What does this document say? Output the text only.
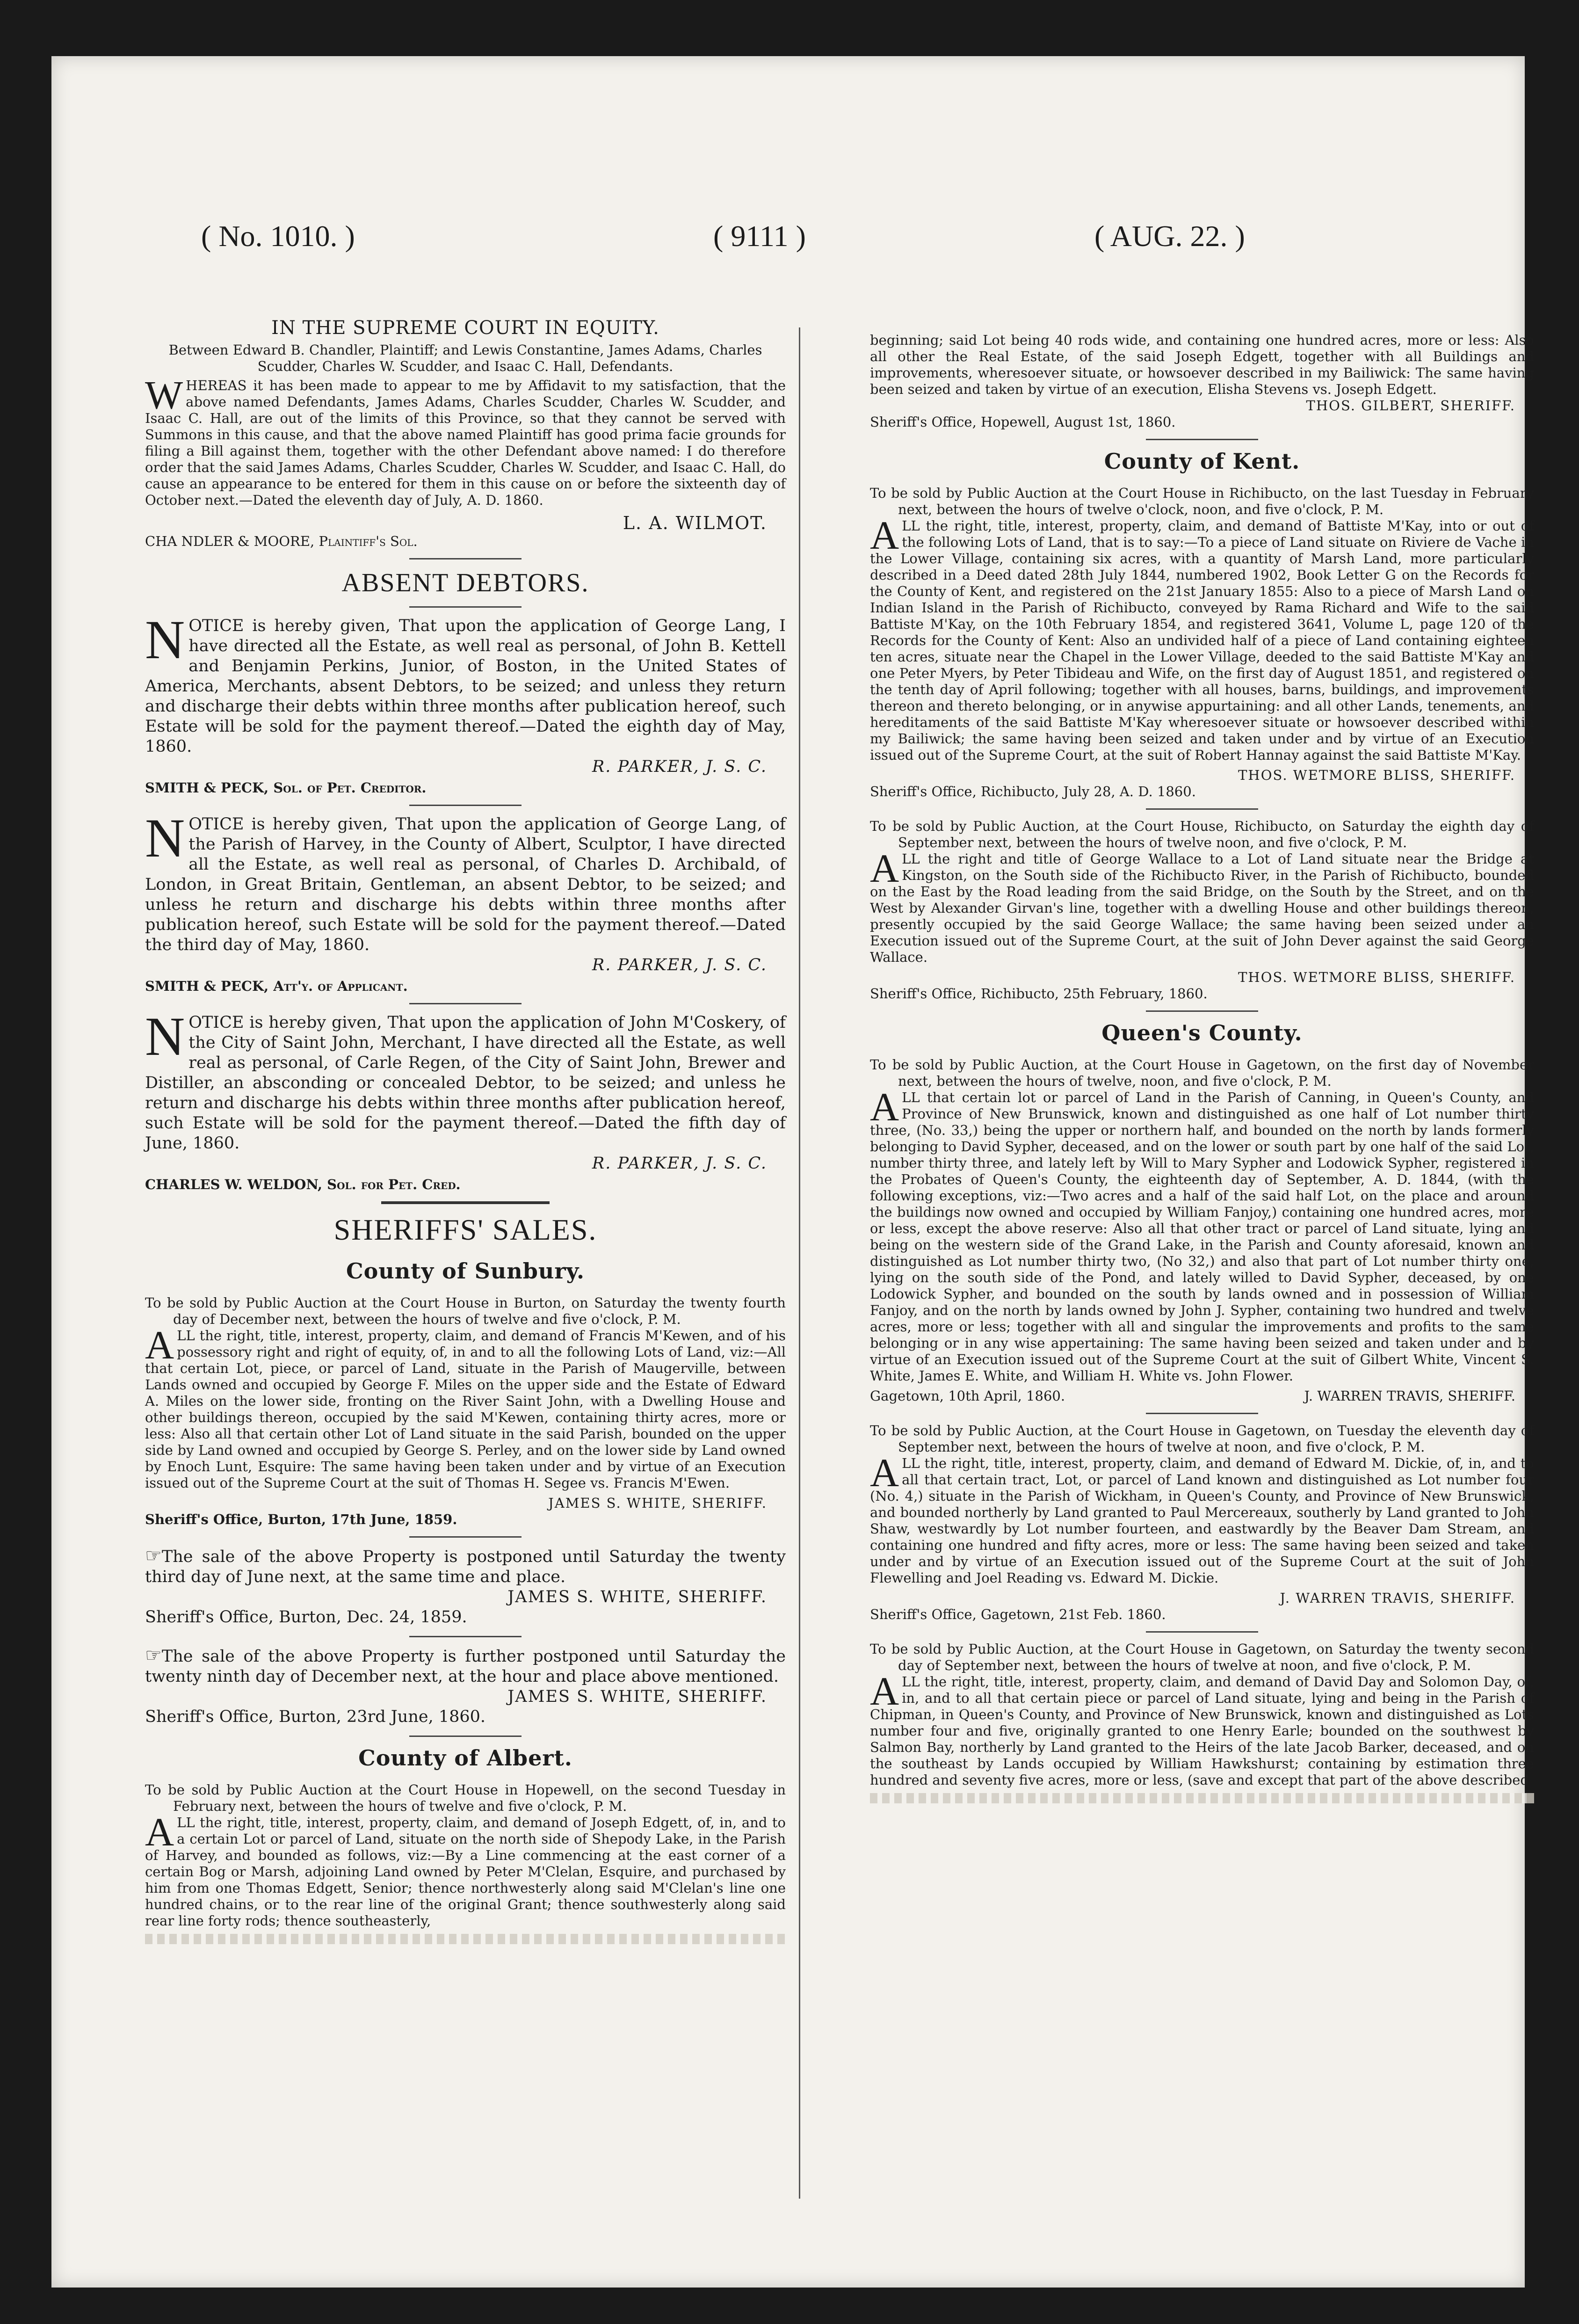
( No. 1010. )	( 9111 )	( AUG. 22. )

IN THE SUPREME COURT IN EQUITY.

Between Edward B. Chandler, Plaintiff; and Lewis Constantine, James Adams, Charles Scudder, Charles W. Scudder, and Isaac C. Hall, Defendants.

W HEREAS it has been made to appear to me by Affidavit to my satisfaction, that the above named Defendants, James Adams, Charles Scudder, Charles W. Scudder, and Isaac C. Hall, are out of the limits of this Province, so that they cannot be served with Summons in this cause, and that the above named Plaintiff has good prima facie grounds for filing a Bill against them, together with the other Defendant above named: I do therefore order that the said James Adams, Charles Scudder, Charles W. Scudder, and Isaac C. Hall, do cause an appearance to be entered for them in this cause on or before the sixteenth day of October next.—Dated the eleventh day of July, A. D. 1860.

L. A. WILMOT.

CHA NDLER & MOORE, Plaintiff's Sol.

ABSENT DEBTORS.

N OTICE is hereby given, That upon the application of George Lang, I have directed all the Estate, as well real as personal, of John B. Kettell and Benjamin Perkins, Junior, of Boston, in the United States of America, Merchants, absent Debtors, to be seized; and unless they return and discharge their debts within three months after publication hereof, such Estate will be sold for the payment thereof.—Dated the eighth day of May, 1860.

R. PARKER, J. S. C.

SMITH & PECK, Sol. of Pet. Creditor.

N OTICE is hereby given, That upon the application of George Lang, of the Parish of Harvey, in the County of Albert, Sculptor, I have directed all the Estate, as well real as personal, of Charles D. Archibald, of London, in Great Britain, Gentleman, an absent Debtor, to be seized; and unless he return and discharge his debts within three months after publication hereof, such Estate will be sold for the payment thereof.—Dated the third day of May, 1860.

R. PARKER, J. S. C.

SMITH & PECK, Att'y. of Applicant.

N OTICE is hereby given, That upon the application of John M'Coskery, of the City of Saint John, Merchant, I have directed all the Estate, as well real as personal, of Carle Regen, of the City of Saint John, Brewer and Distiller, an absconding or concealed Debtor, to be seized; and unless he return and discharge his debts within three months after publication hereof, such Estate will be sold for the payment thereof.—Dated the fifth day of June, 1860.

R. PARKER, J. S. C.

CHARLES W. WELDON, Sol. for Pet. Cred.

SHERIFFS' SALES.

County of Sunbury.

To be sold by Public Auction at the Court House in Burton, on Saturday the twenty fourth day of December next, between the hours of twelve and five o'clock, P. M.

A LL the right, title, interest, property, claim, and demand of Francis M'Kewen, and of his possessory right and right of equity, of, in and to all the following Lots of Land, viz:—All that certain Lot, piece, or parcel of Land, situate in the Parish of Maugerville, between Lands owned and occupied by George F. Miles on the upper side and the Estate of Edward A. Miles on the lower side, fronting on the River Saint John, with a Dwelling House and other buildings thereon, occupied by the said M'Kewen, containing thirty acres, more or less: Also all that certain other Lot of Land situate in the said Parish, bounded on the upper side by Land owned and occupied by George S. Perley, and on the lower side by Land owned by Enoch Lunt, Esquire: The same having been taken under and by virtue of an Execution issued out of the Supreme Court at the suit of Thomas H. Segee vs. Francis M'Ewen.

JAMES S. WHITE, SHERIFF.

Sheriff's Office, Burton, 17th June, 1859.

☞The sale of the above Property is postponed until Saturday the twenty third day of June next, at the same time and place.

JAMES S. WHITE, SHERIFF.

Sheriff's Office, Burton, Dec. 24, 1859.

☞The sale of the above Property is further postponed until Saturday the twenty ninth day of December next, at the hour and place above mentioned.

JAMES S. WHITE, SHERIFF.

Sheriff's Office, Burton, 23rd June, 1860.

County of Albert.

To be sold by Public Auction at the Court House in Hopewell, on the second Tuesday in February next, between the hours of twelve and five o'clock, P. M.

A LL the right, title, interest, property, claim, and demand of Joseph Edgett, of, in, and to a certain Lot or parcel of Land, situate on the north side of Shepody Lake, in the Parish of Harvey, and bounded as follows, viz:—By a Line commencing at the east corner of a certain Bog or Marsh, adjoining Land owned by Peter M'Clelan, Esquire, and purchased by him from one Thomas Edgett, Senior; thence northwesterly along said M'Clelan's line one hundred chains, or to the rear line of the original Grant; thence southwesterly along said rear line forty rods; thence southeasterly,

beginning; said Lot being 40 rods wide, and containing one hundred acres, more or less: Also all other the Real Estate, of the said Joseph Edgett, together with all Buildings and improvements, wheresoever situate, or howsoever described in my Bailiwick: The same having been seized and taken by virtue of an execution, Elisha Stevens vs. Joseph Edgett.

THOS. GILBERT, SHERIFF.

Sheriff's Office, Hopewell, August 1st, 1860.

County of Kent.

To be sold by Public Auction at the Court House in Richibucto, on the last Tuesday in February next, between the hours of twelve o'clock, noon, and five o'clock, P. M.

A LL the right, title, interest, property, claim, and demand of Battiste M'Kay, into or out of the following Lots of Land, that is to say:—To a piece of Land situate on Riviere de Vache in the Lower Village, containing six acres, with a quantity of Marsh Land, more particularly described in a Deed dated 28th July 1844, numbered 1902, Book Letter G on the Records for the County of Kent, and registered on the 21st January 1855: Also to a piece of Marsh Land on Indian Island in the Parish of Richibucto, conveyed by Rama Richard and Wife to the said Battiste M'Kay, on the 10th February 1854, and registered 3641, Volume L, page 120 of the Records for the County of Kent: Also an undivided half of a piece of Land containing eighteen ten acres, situate near the Chapel in the Lower Village, deeded to the said Battiste M'Kay and one Peter Myers, by Peter Tibideau and Wife, on the first day of August 1851, and registered on the tenth day of April following; together with all houses, barns, buildings, and improvements thereon and thereto belonging, or in anywise appurtaining: and all other Lands, tenements, and hereditaments of the said Battiste M'Kay wheresoever situate or howsoever described within my Bailiwick; the same having been seized and taken under and by virtue of an Execution issued out of the Supreme Court, at the suit of Robert Hannay against the said Battiste M'Kay.

THOS. WETMORE BLISS, SHERIFF.

Sheriff's Office, Richibucto, July 28, A. D. 1860.

To be sold by Public Auction, at the Court House, Richibucto, on Saturday the eighth day of September next, between the hours of twelve noon, and five o'clock, P. M.

A LL the right and title of George Wallace to a Lot of Land situate near the Bridge at Kingston, on the South side of the Richibucto River, in the Parish of Richibucto, bounded on the East by the Road leading from the said Bridge, on the South by the Street, and on the West by Alexander Girvan's line, together with a dwelling House and other buildings thereon, presently occupied by the said George Wallace; the same having been seized under an Execution issued out of the Supreme Court, at the suit of John Dever against the said George Wallace.

THOS. WETMORE BLISS, SHERIFF.

Sheriff's Office, Richibucto, 25th February, 1860.

Queen's County.

To be sold by Public Auction, at the Court House in Gagetown, on the first day of November next, between the hours of twelve, noon, and five o'clock, P. M.

A LL that certain lot or parcel of Land in the Parish of Canning, in Queen's County, and Province of New Brunswick, known and distinguished as one half of Lot number thirty three, (No. 33,) being the upper or northern half, and bounded on the north by lands formerly belonging to David Sypher, deceased, and on the lower or south part by one half of the said Lot, number thirty three, and lately left by Will to Mary Sypher and Lodowick Sypher, registered in the Probates of Queen's County, the eighteenth day of September, A. D. 1844, (with the following exceptions, viz:—Two acres and a half of the said half Lot, on the place and around the buildings now owned and occupied by William Fanjoy,) containing one hundred acres, more or less, except the above reserve: Also all that other tract or parcel of Land situate, lying and being on the western side of the Grand Lake, in the Parish and County aforesaid, known and distinguished as Lot number thirty two, (No 32,) and also that part of Lot number thirty one, lying on the south side of the Pond, and lately willed to David Sypher, deceased, by one Lodowick Sypher, and bounded on the south by lands owned and in possession of William Fanjoy, and on the north by lands owned by John J. Sypher, containing two hundred and twelve acres, more or less; together with all and singular the improvements and profits to the same belonging or in any wise appertaining: The same having been seized and taken under and by virtue of an Execution issued out of the Supreme Court at the suit of Gilbert White, Vincent S. White, James E. White, and William H. White vs. John Flower.

Gagetown, 10th April, 1860.	J. WARREN TRAVIS, SHERIFF.

To be sold by Public Auction, at the Court House in Gagetown, on Tuesday the eleventh day of September next, between the hours of twelve at noon, and five o'clock, P. M.

A LL the right, title, interest, property, claim, and demand of Edward M. Dickie, of, in, and to all that certain tract, Lot, or parcel of Land known and distinguished as Lot number four (No. 4,) situate in the Parish of Wickham, in Queen's County, and Province of New Brunswick, and bounded northerly by Land granted to Paul Mercereaux, southerly by Land granted to John Shaw, westwardly by Lot number fourteen, and eastwardly by the Beaver Dam Stream, and containing one hundred and fifty acres, more or less: The same having been seized and taken under and by virtue of an Execution issued out of the Supreme Court at the suit of John Flewelling and Joel Reading vs. Edward M. Dickie.

J. WARREN TRAVIS, SHERIFF.

Sheriff's Office, Gagetown, 21st Feb. 1860.

To be sold by Public Auction, at the Court House in Gagetown, on Saturday the twenty second day of September next, between the hours of twelve at noon, and five o'clock, P. M.

A LL the right, title, interest, property, claim, and demand of David Day and Solomon Day, of, in, and to all that certain piece or parcel of Land situate, lying and being in the Parish of Chipman, in Queen's County, and Province of New Brunswick, known and distinguished as Lots number four and five, originally granted to one Henry Earle; bounded on the southwest by Salmon Bay, northerly by Land granted to the Heirs of the late Jacob Barker, deceased, and on the southeast by Lands occupied by William Hawkshurst; containing by estimation three hundred and seventy five acres, more or less, (save and except that part of the above described
